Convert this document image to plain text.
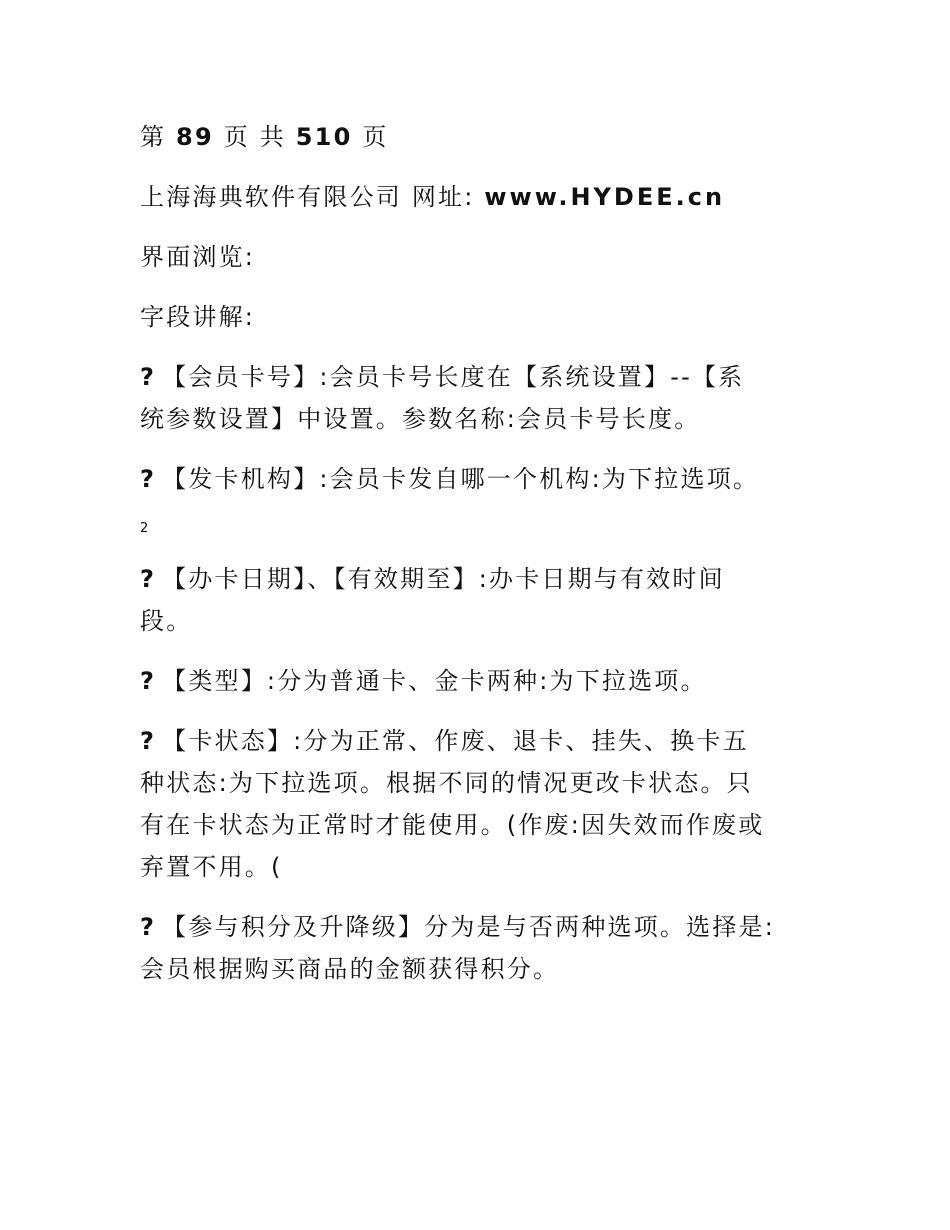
第 89 页 共 510 页
上海海典软件有限公司 网址: www.HYDEE.cn
界面浏览:
字段讲解:
? 【会员卡号】:会员卡号长度在【系统设置】--【系
统参数设置】中设置。参数名称:会员卡号长度。
? 【发卡机构】:会员卡发自哪一个机构:为下拉选项。
2
? 【办卡日期】、【有效期至】:办卡日期与有效时间
段。
? 【类型】:分为普通卡、金卡两种:为下拉选项。
? 【卡状态】:分为正常、作废、退卡、挂失、换卡五
种状态:为下拉选项。根据不同的情况更改卡状态。只
有在卡状态为正常时才能使用。(作废:因失效而作废或
弃置不用。(
? 【参与积分及升降级】分为是与否两种选项。选择是:
会员根据购买商品的金额获得积分。
